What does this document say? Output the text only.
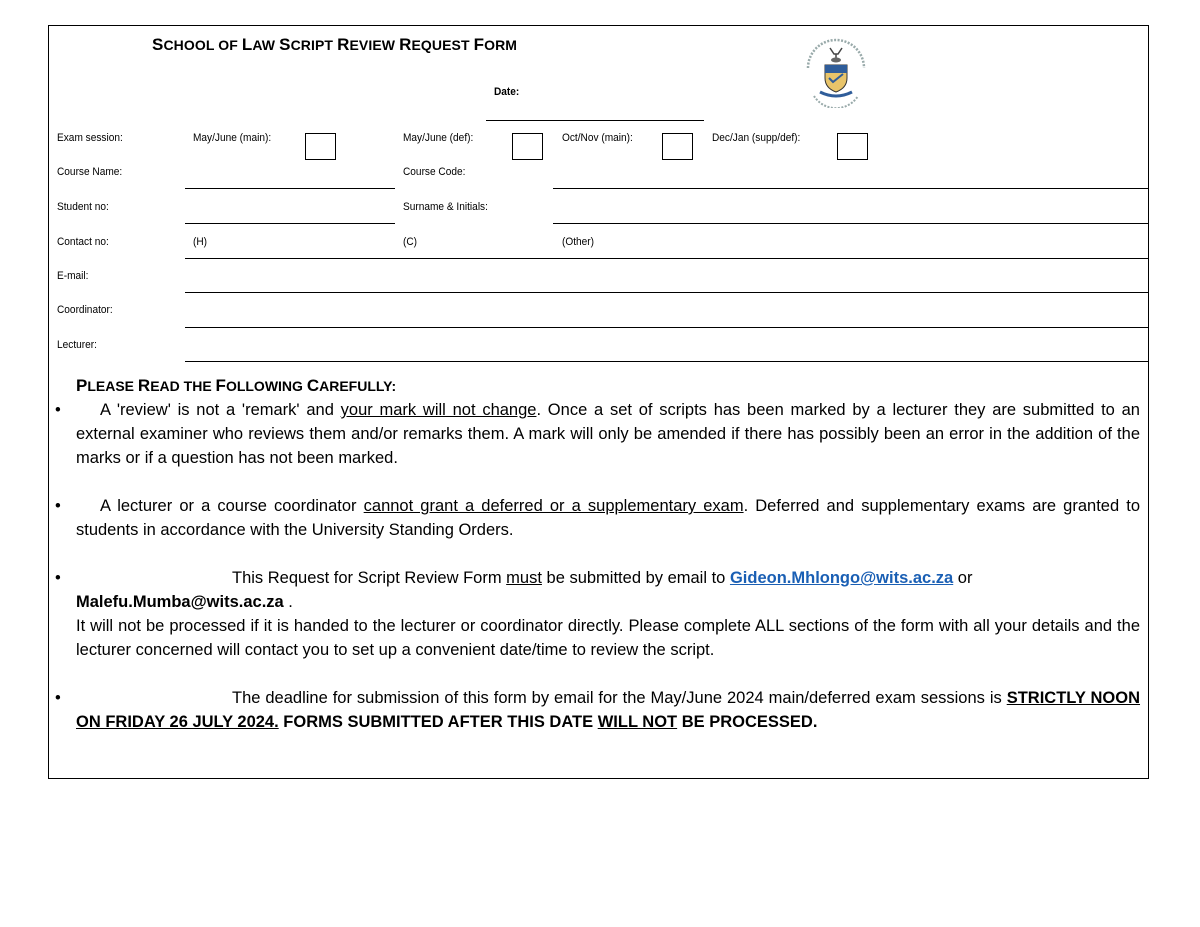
SCHOOL OF LAW SCRIPT REVIEW REQUEST FORM
Date:
Exam session:	May/June (main):	May/June (def):	Oct/Nov (main):	Dec/Jan (supp/def):
Course Name:	Course Code:
Student no:	Surname & Initials:
Contact no:	(H)	(C)	(Other)
E-mail:
Coordinator:
Lecturer:
PLEASE READ THE FOLLOWING CAREFULLY:
• A 'review' is not a 'remark' and your mark will not change. Once a set of scripts has been marked by a lecturer they are submitted to an external examiner who reviews them and/or remarks them. A mark will only be amended if there has possibly been an error in the addition of the marks or if a question has not been marked.
• A lecturer or a course coordinator cannot grant a deferred or a supplementary exam. Deferred and supplementary exams are granted to students in accordance with the University Standing Orders.
•	This Request for Script Review Form must be submitted by email to Gideon.Mhlongo@wits.ac.za or
Malefu.Mumba@wits.ac.za .
It will not be processed if it is handed to the lecturer or coordinator directly. Please complete ALL sections of the form with all your details and the lecturer concerned will contact you to set up a convenient date/time to review the script.
•	The deadline for submission of this form by email for the May/June 2024 main/deferred exam sessions is STRICTLY NOON ON FRIDAY 26 JULY 2024. FORMS SUBMITTED AFTER THIS DATE WILL NOT BE PROCESSED.
